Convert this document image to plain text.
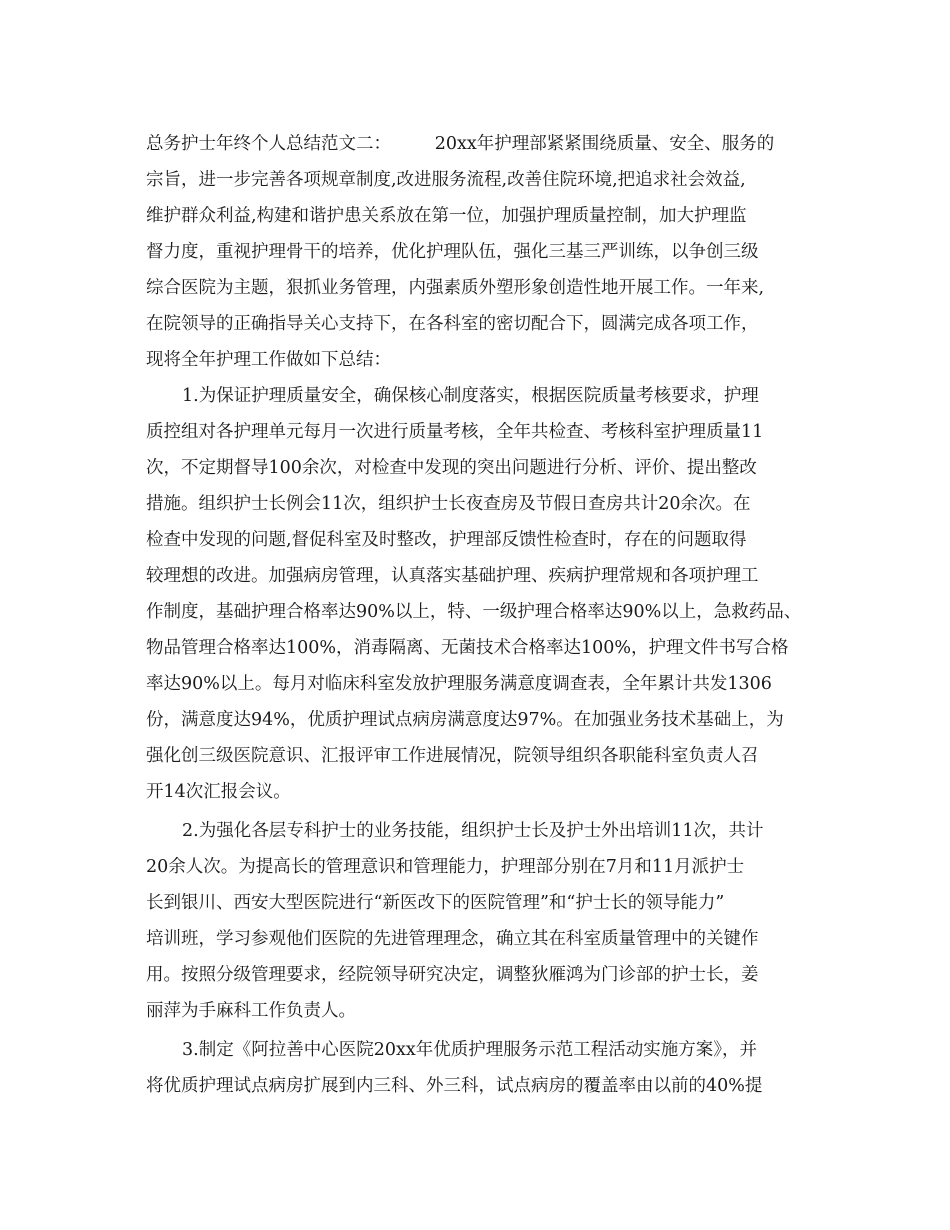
总务护士年终个人总结范文二：　　　20xx年护理部紧紧围绕质量、安全、服务的
宗旨，进一步完善各项规章制度,改进服务流程,改善住院环境,把追求社会效益,
维护群众利益,构建和谐护患关系放在第一位，加强护理质量控制，加大护理监
督力度，重视护理骨干的培养，优化护理队伍，强化三基三严训练，以争创三级
综合医院为主题，狠抓业务管理，内强素质外塑形象创造性地开展工作。一年来,
在院领导的正确指导关心支持下，在各科室的密切配合下，圆满完成各项工作，
现将全年护理工作做如下总结：
1.为保证护理质量安全，确保核心制度落实，根据医院质量考核要求，护理
质控组对各护理单元每月一次进行质量考核，全年共检查、考核科室护理质量11
次，不定期督导100余次，对检查中发现的突出问题进行分析、评价、提出整改
措施。组织护士长例会11次，组织护士长夜查房及节假日查房共计20余次。在
检查中发现的问题,督促科室及时整改，护理部反馈性检查时，存在的问题取得
较理想的改进。加强病房管理，认真落实基础护理、疾病护理常规和各项护理工
作制度，基础护理合格率达90%以上，特、一级护理合格率达90%以上，急救药品、
物品管理合格率达100%，消毒隔离、无菌技术合格率达100%，护理文件书写合格
率达90%以上。每月对临床科室发放护理服务满意度调查表，全年累计共发1306
份，满意度达94%，优质护理试点病房满意度达97%。在加强业务技术基础上，为
强化创三级医院意识、汇报评审工作进展情况，院领导组织各职能科室负责人召
开14次汇报会议。
2.为强化各层专科护士的业务技能，组织护士长及护士外出培训11次，共计
20余人次。为提高长的管理意识和管理能力，护理部分别在7月和11月派护士
长到银川、西安大型医院进行“新医改下的医院管理”和“护士长的领导能力”
培训班，学习参观他们医院的先进管理理念，确立其在科室质量管理中的关键作
用。按照分级管理要求，经院领导研究决定，调整狄雁鸿为门诊部的护士长，姜
丽萍为手麻科工作负责人。
3.制定《阿拉善中心医院20xx年优质护理服务示范工程活动实施方案》，并
将优质护理试点病房扩展到内三科、外三科，试点病房的覆盖率由以前的40%提
